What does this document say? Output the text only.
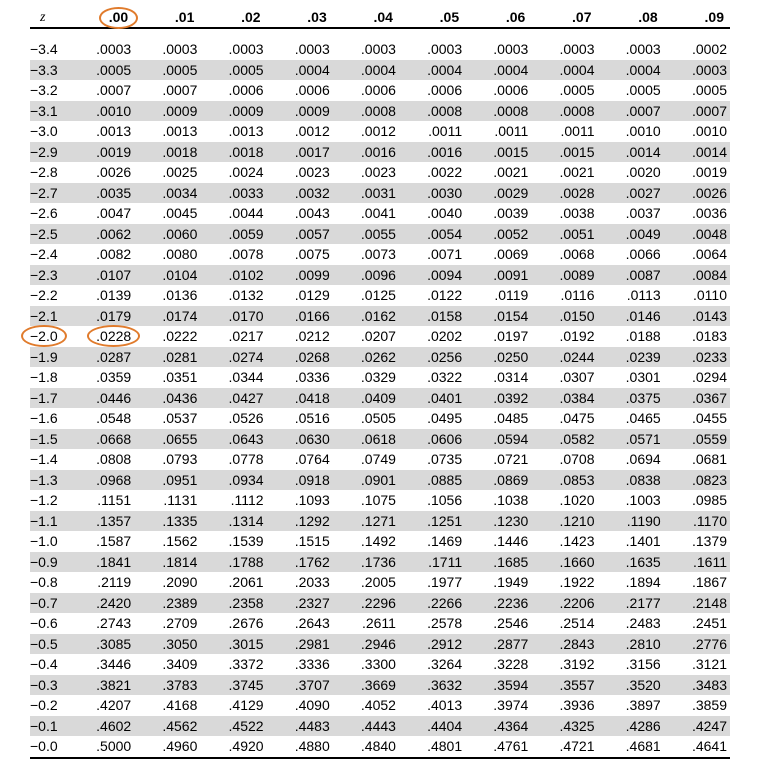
z	.00	.01	.02	.03	.04	.05	.06	.07	.08	.09

−3.4	.0003	.0003	.0003	.0003	.0003	.0003	.0003	.0003	.0003	.0002
−3.3	.0005	.0005	.0005	.0004	.0004	.0004	.0004	.0004	.0004	.0003
−3.2	.0007	.0007	.0006	.0006	.0006	.0006	.0006	.0005	.0005	.0005
−3.1	.0010	.0009	.0009	.0009	.0008	.0008	.0008	.0008	.0007	.0007
−3.0	.0013	.0013	.0013	.0012	.0012	.0011	.0011	.0011	.0010	.0010
−2.9	.0019	.0018	.0018	.0017	.0016	.0016	.0015	.0015	.0014	.0014
−2.8	.0026	.0025	.0024	.0023	.0023	.0022	.0021	.0021	.0020	.0019
−2.7	.0035	.0034	.0033	.0032	.0031	.0030	.0029	.0028	.0027	.0026
−2.6	.0047	.0045	.0044	.0043	.0041	.0040	.0039	.0038	.0037	.0036
−2.5	.0062	.0060	.0059	.0057	.0055	.0054	.0052	.0051	.0049	.0048
−2.4	.0082	.0080	.0078	.0075	.0073	.0071	.0069	.0068	.0066	.0064
−2.3	.0107	.0104	.0102	.0099	.0096	.0094	.0091	.0089	.0087	.0084
−2.2	.0139	.0136	.0132	.0129	.0125	.0122	.0119	.0116	.0113	.0110
−2.1	.0179	.0174	.0170	.0166	.0162	.0158	.0154	.0150	.0146	.0143
−2.0	.0228	.0222	.0217	.0212	.0207	.0202	.0197	.0192	.0188	.0183
−1.9	.0287	.0281	.0274	.0268	.0262	.0256	.0250	.0244	.0239	.0233
−1.8	.0359	.0351	.0344	.0336	.0329	.0322	.0314	.0307	.0301	.0294
−1.7	.0446	.0436	.0427	.0418	.0409	.0401	.0392	.0384	.0375	.0367
−1.6	.0548	.0537	.0526	.0516	.0505	.0495	.0485	.0475	.0465	.0455
−1.5	.0668	.0655	.0643	.0630	.0618	.0606	.0594	.0582	.0571	.0559
−1.4	.0808	.0793	.0778	.0764	.0749	.0735	.0721	.0708	.0694	.0681
−1.3	.0968	.0951	.0934	.0918	.0901	.0885	.0869	.0853	.0838	.0823
−1.2	.1151	.1131	.1112	.1093	.1075	.1056	.1038	.1020	.1003	.0985
−1.1	.1357	.1335	.1314	.1292	.1271	.1251	.1230	.1210	.1190	.1170
−1.0	.1587	.1562	.1539	.1515	.1492	.1469	.1446	.1423	.1401	.1379
−0.9	.1841	.1814	.1788	.1762	.1736	.1711	.1685	.1660	.1635	.1611
−0.8	.2119	.2090	.2061	.2033	.2005	.1977	.1949	.1922	.1894	.1867
−0.7	.2420	.2389	.2358	.2327	.2296	.2266	.2236	.2206	.2177	.2148
−0.6	.2743	.2709	.2676	.2643	.2611	.2578	.2546	.2514	.2483	.2451
−0.5	.3085	.3050	.3015	.2981	.2946	.2912	.2877	.2843	.2810	.2776
−0.4	.3446	.3409	.3372	.3336	.3300	.3264	.3228	.3192	.3156	.3121
−0.3	.3821	.3783	.3745	.3707	.3669	.3632	.3594	.3557	.3520	.3483
−0.2	.4207	.4168	.4129	.4090	.4052	.4013	.3974	.3936	.3897	.3859
−0.1	.4602	.4562	.4522	.4483	.4443	.4404	.4364	.4325	.4286	.4247
−0.0	.5000	.4960	.4920	.4880	.4840	.4801	.4761	.4721	.4681	.4641
